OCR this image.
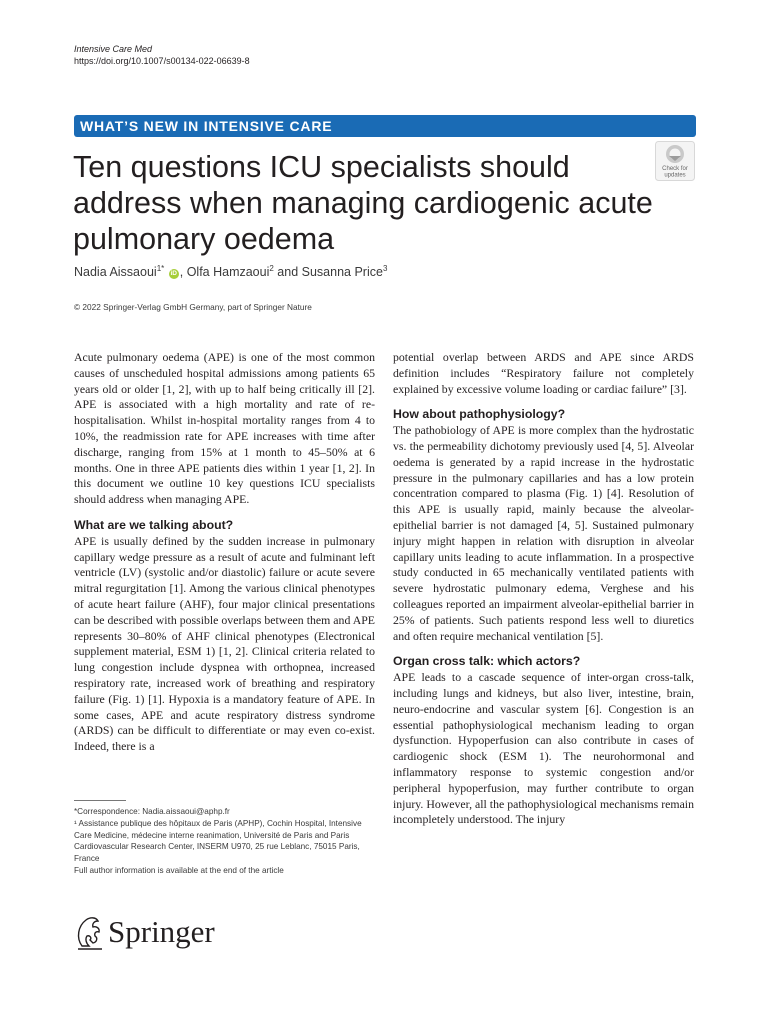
Intensive Care Med
https://doi.org/10.1007/s00134-022-06639-8
WHAT’S NEW IN INTENSIVE CARE
Ten questions ICU specialists should address when managing cardiogenic acute pulmonary oedema
Check for
updates
Nadia Aissaoui$^{1*}$ iD , Olfa Hamzaoui$^2$ and Susanna Price$^3$
© 2022 Springer-Verlag GmbH Germany, part of Springer Nature

Acute pulmonary oedema (APE) is one of the most common causes of unscheduled hospital admissions among patients 65 years old or older [1, 2], with up to half being critically ill [2]. APE is associated with a high mortality and rate of re-hospitalisation. Whilst in-hospital mortality ranges from 4 to 10%, the readmission rate for APE increases with time after discharge, ranging from 15% at 1 month to 45–50% at 6 months. One in three APE patients dies within 1 year [1, 2]. In this document we outline 10 key questions ICU specialists should address when managing APE.

What are we talking about?

APE is usually defined by the sudden increase in pulmonary capillary wedge pressure as a result of acute and fulminant left ventricle (LV) (systolic and/or diastolic) failure or acute severe mitral regurgitation [1]. Among the various clinical phenotypes of acute heart failure (AHF), four major clinical presentations can be described with possible overlaps between them and APE represents 30–80% of AHF clinical phenotypes (Electronical supplement material, ESM 1) [1, 2]. Clinical criteria related to lung congestion include dyspnea with orthopnea, increased respiratory rate, increased work of breathing and respiratory failure (Fig. 1) [1]. Hypoxia is a mandatory feature of APE. In some cases, APE and acute respiratory distress syndrome (ARDS) can be difficult to differentiate or may even co-exist. Indeed, there is a

potential overlap between ARDS and APE since ARDS definition includes “Respiratory failure not completely explained by excessive volume loading or cardiac failure” [3].

How about pathophysiology?

The pathobiology of APE is more complex than the hydrostatic vs. the permeability dichotomy previously used [4, 5]. Alveolar oedema is generated by a rapid increase in the hydrostatic pressure in the pulmonary capillaries and has a low protein concentration compared to plasma (Fig. 1) [4]. Resolution of this APE is usually rapid, mainly because the alveolar-epithelial barrier is not damaged [4, 5]. Sustained pulmonary injury might happen in relation with disruption in alveolar capillary units leading to acute inflammation. In a prospective study conducted in 65 mechanically ventilated patients with severe hydrostatic pulmonary edema, Verghese and his colleagues reported an impairment alveolar-epithelial barrier in 25% of patients. Such patients respond less well to diuretics and often require mechanical ventilation [5].

Organ cross talk: which actors?

APE leads to a cascade sequence of inter-organ cross-talk, including lungs and kidneys, but also liver, intestine, brain, neuro-endocrine and vascular system [6]. Congestion is an essential pathophysiological mechanism leading to organ dysfunction. Hypoperfusion can also contribute in cases of cardiogenic shock (ESM 1). The neurohormonal and inflammatory response to systemic congestion and/or peripheral hypoperfusion, may further contribute to organ injury. However, all the pathophysiological mechanisms remain incompletely understood. The injury

*Correspondence: Nadia.aissaoui@aphp.fr

¹ Assistance publique des hôpitaux de Paris (APHP), Cochin Hospital, Intensive Care Medicine, médecine interne reanimation, Université de Paris and Paris Cardiovascular Research Center, INSERM U970, 25 rue Leblanc, 75015 Paris, France

Full author information is available at the end of the article

Springer
